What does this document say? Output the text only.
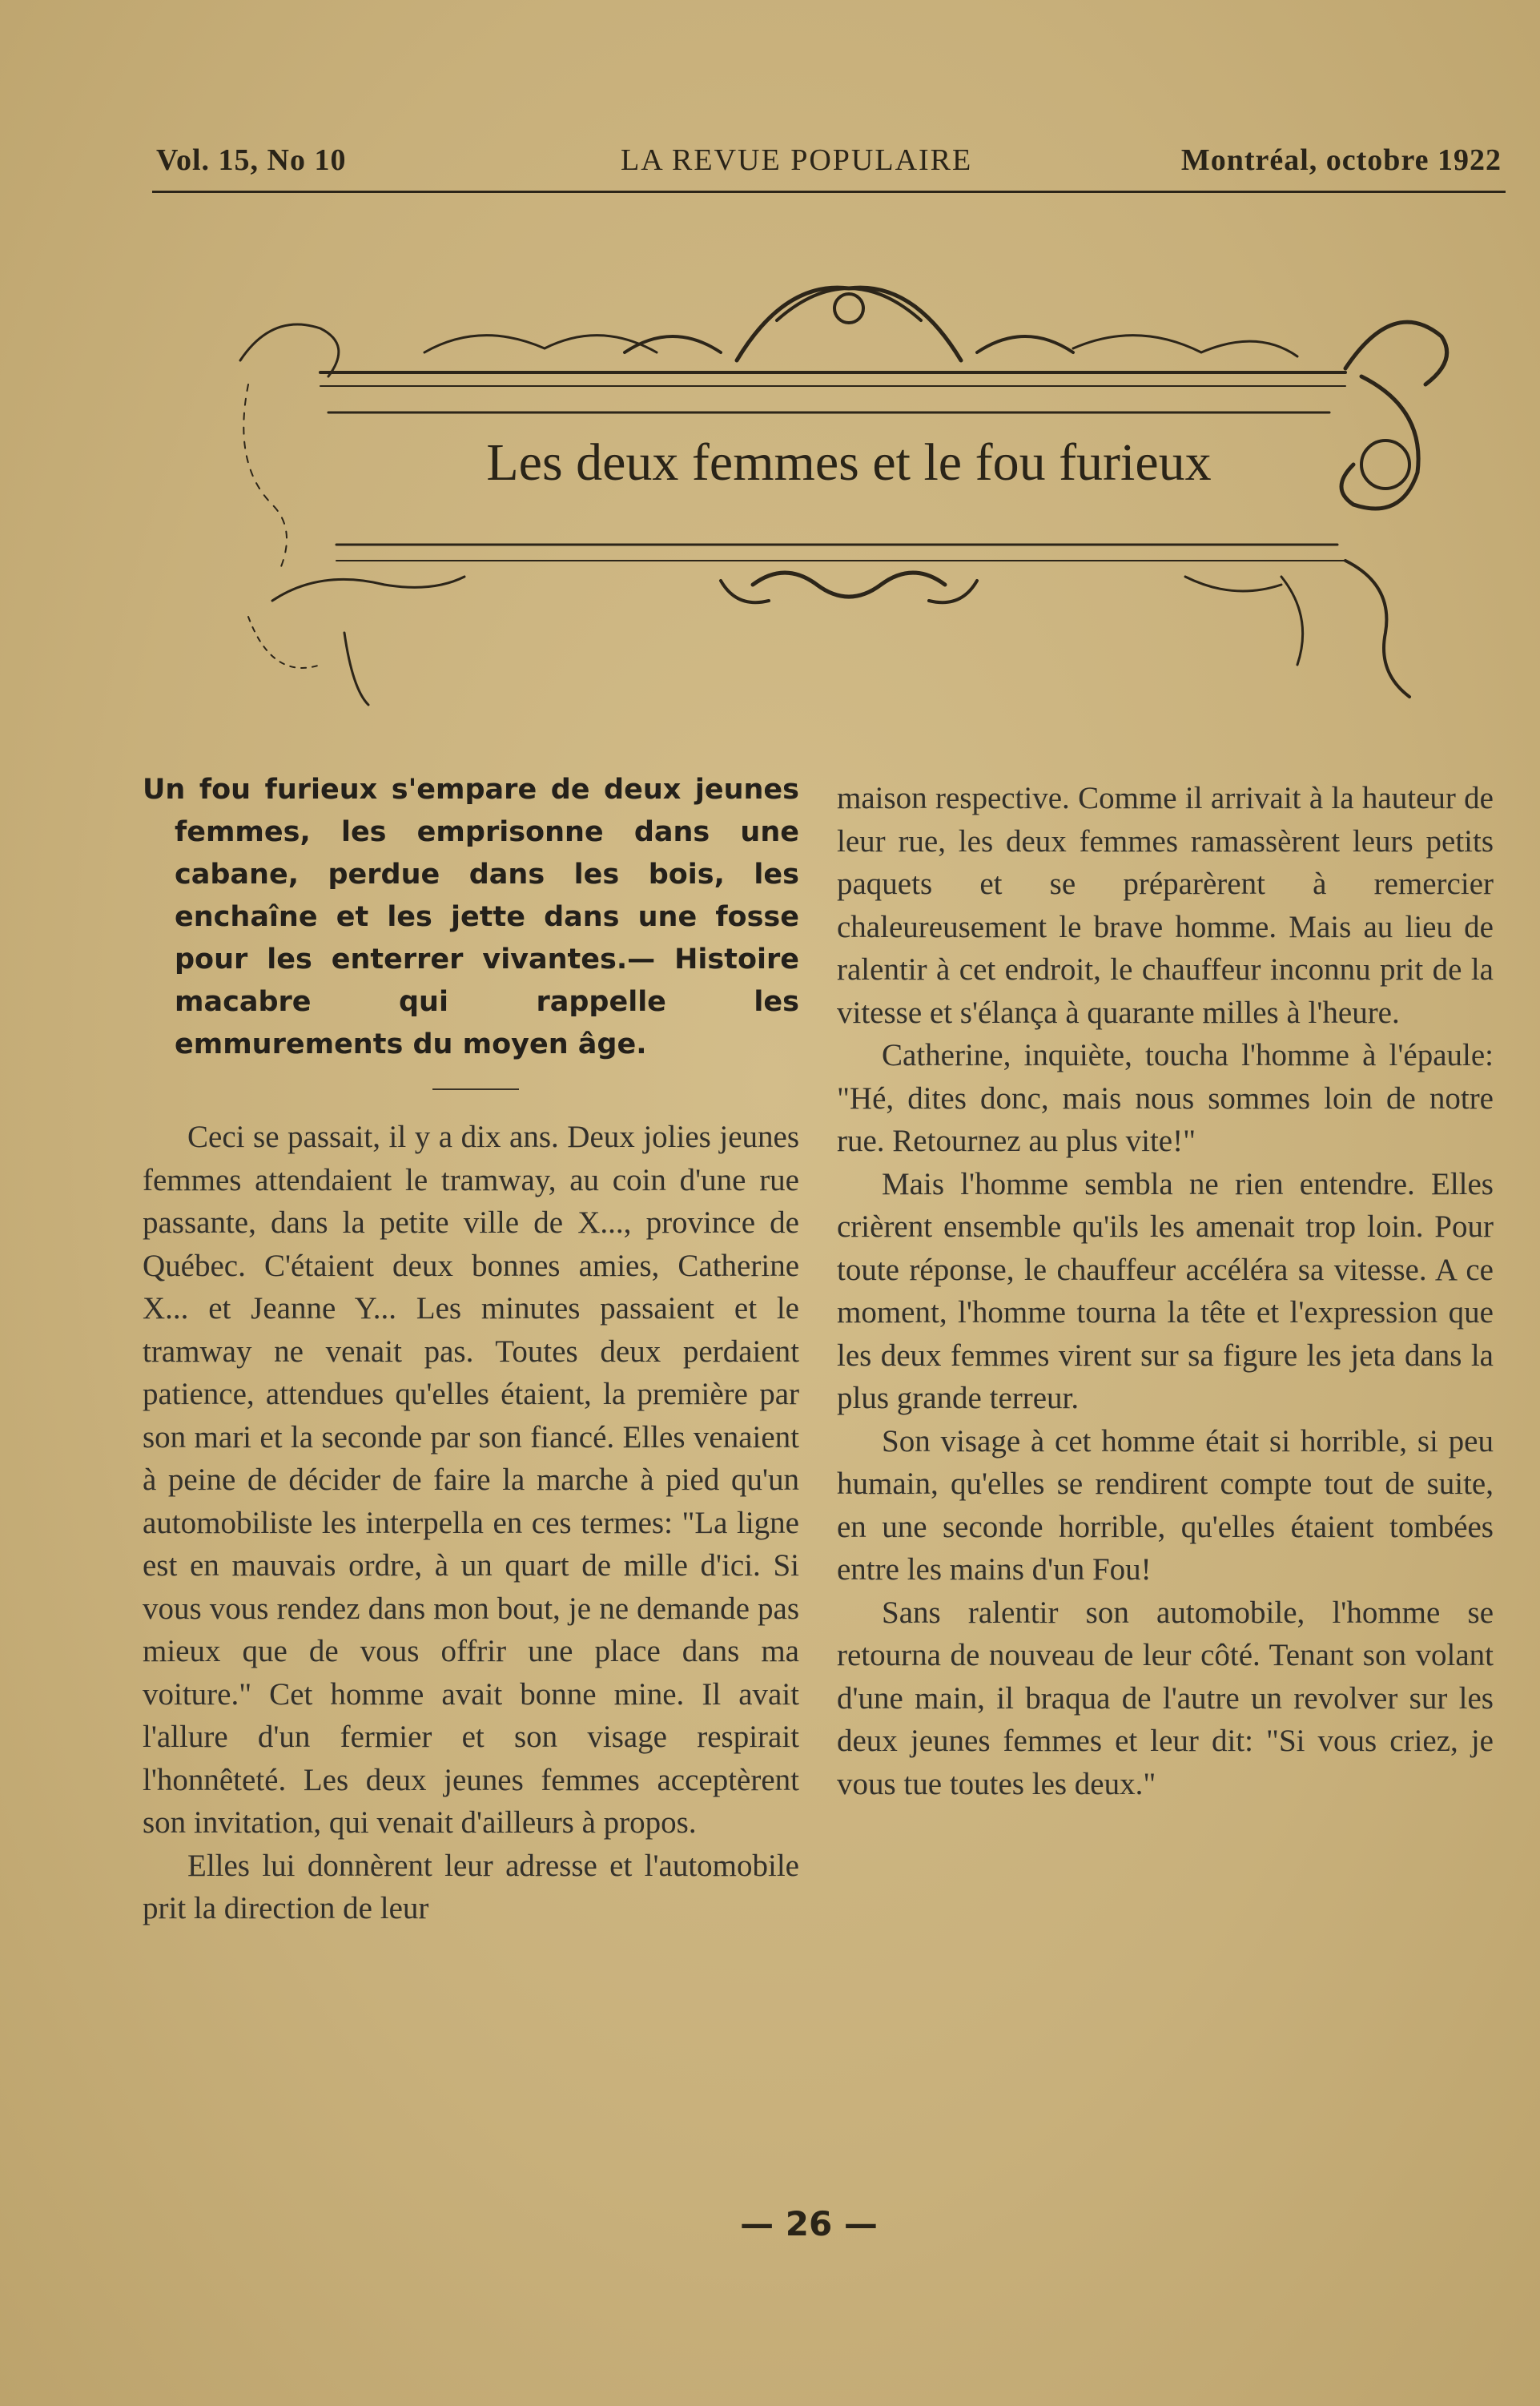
Vol. 15, No 10	LA REVUE POPULAIRE	Montréal, octobre 1922
Les deux femmes et le fou furieux

Un fou furieux s'empare de deux jeunes femmes, les emprisonne dans une cabane, perdue dans les bois, les enchaîne et les jette dans une fosse pour les enterrer vivantes.— Histoire macabre qui rappelle les emmurements du moyen âge.

Ceci se passait, il y a dix ans. Deux jolies jeunes femmes attendaient le tramway, au coin d'une rue passante, dans la petite ville de X..., province de Québec. C'étaient deux bonnes amies, Catherine X... et Jeanne Y... Les minutes passaient et le tramway ne venait pas. Toutes deux perdaient patience, attendues qu'elles étaient, la première par son mari et la seconde par son fiancé. Elles venaient à peine de décider de faire la marche à pied qu'un automobiliste les interpella en ces termes: "La ligne est en mauvais ordre, à un quart de mille d'ici. Si vous vous rendez dans mon bout, je ne demande pas mieux que de vous offrir une place dans ma voiture." Cet homme avait bonne mine. Il avait l'allure d'un fermier et son visage respirait l'honnêteté. Les deux jeunes femmes acceptèrent son invitation, qui venait d'ailleurs à propos.

Elles lui donnèrent leur adresse et l'automobile prit la direction de leur

maison respective. Comme il arrivait à la hauteur de leur rue, les deux femmes ramassèrent leurs petits paquets et se préparèrent à remercier chaleureusement le brave homme. Mais au lieu de ralentir à cet endroit, le chauffeur inconnu prit de la vitesse et s'élança à quarante milles à l'heure.

Catherine, inquiète, toucha l'homme à l'épaule: "Hé, dites donc, mais nous sommes loin de notre rue. Retournez au plus vite!"

Mais l'homme sembla ne rien entendre. Elles crièrent ensemble qu'ils les amenait trop loin. Pour toute réponse, le chauffeur accéléra sa vitesse. A ce moment, l'homme tourna la tête et l'expression que les deux femmes virent sur sa figure les jeta dans la plus grande terreur.

Son visage à cet homme était si horrible, si peu humain, qu'elles se rendirent compte tout de suite, en une seconde horrible, qu'elles étaient tombées entre les mains d'un Fou!

Sans ralentir son automobile, l'homme se retourna de nouveau de leur côté. Tenant son volant d'une main, il braqua de l'autre un revolver sur les deux jeunes femmes et leur dit: "Si vous criez, je vous tue toutes les deux."

— 26 —
